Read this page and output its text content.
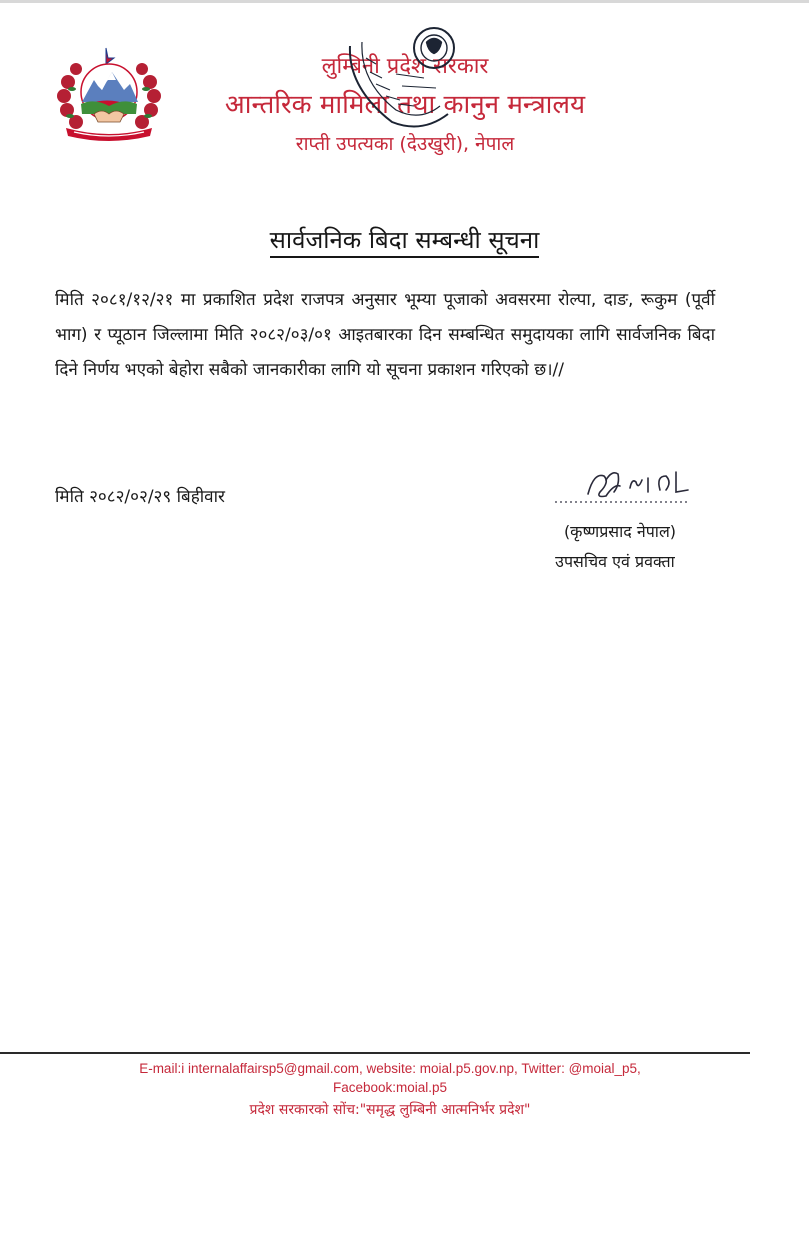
लुम्बिनी प्रदेश सरकार
आन्तरिक मामिला तथा कानुन मन्त्रालय
राप्ती उपत्यका (देउखुरी), नेपाल
सार्वजनिक बिदा सम्बन्धी सूचना
मिति २०८१/१२/२१ मा प्रकाशित प्रदेश राजपत्र अनुसार भूम्या पूजाको अवसरमा रोल्पा, दाङ, रूकुम (पूर्वी भाग) र प्यूठान जिल्लामा मिति २०८२/०३/०१ आइतबारका दिन सम्बन्धित समुदायका लागि सार्वजनिक बिदा दिने निर्णय भएको बेहोरा सबैको जानकारीका लागि यो सूचना प्रकाशन गरिएको छ।//
मिति २०८२/०२/२९ बिहीवार
(कृष्णप्रसाद नेपाल)
उपसचिव एवं प्रवक्ता
E-mail:i internalaffairsp5@gmail.com, website: moial.p5.gov.np, Twitter: @moial_p5,
Facebook:moial.p5
प्रदेश सरकारको सोंच:"समृद्ध लुम्बिनी आत्मनिर्भर प्रदेश"
